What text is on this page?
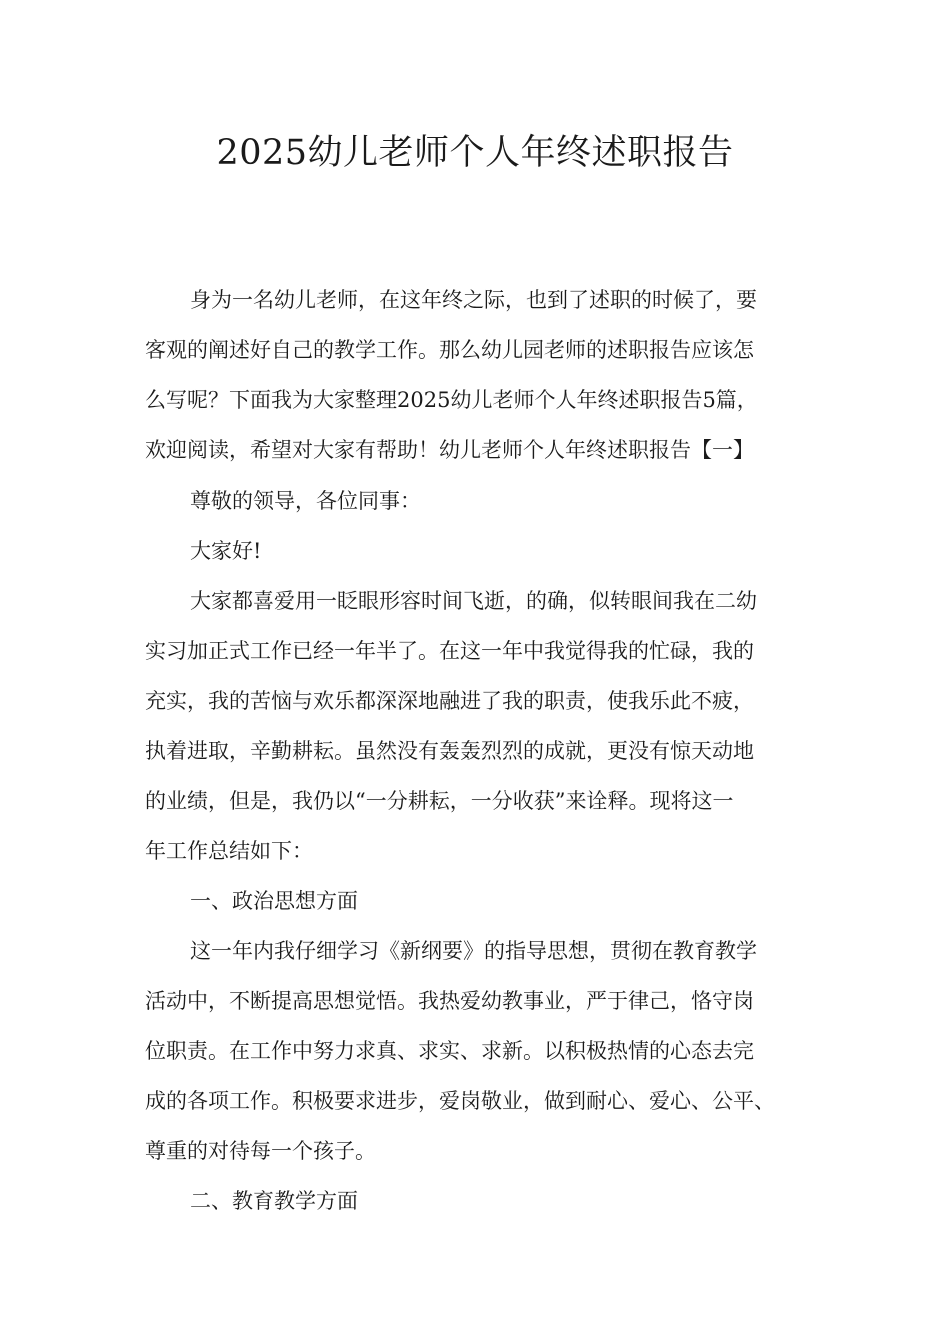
2025幼儿老师个人年终述职报告
身为一名幼儿老师，在这年终之际，也到了述职的时候了，要
客观的阐述好自己的教学工作。那么幼儿园老师的述职报告应该怎
么写呢？下面我为大家整理2025幼儿老师个人年终述职报告5篇，
欢迎阅读，希望对大家有帮助！幼儿老师个人年终述职报告【一】
尊敬的领导，各位同事：
大家好!
大家都喜爱用一眨眼形容时间飞逝，的确，似转眼间我在二幼
实习加正式工作已经一年半了。在这一年中我觉得我的忙碌，我的
充实，我的苦恼与欢乐都深深地融进了我的职责，使我乐此不疲，
执着进取，辛勤耕耘。虽然没有轰轰烈烈的成就，更没有惊天动地
的业绩，但是，我仍以“一分耕耘，一分收获”来诠释。现将这一
年工作总结如下：
一、政治思想方面
这一年内我仔细学习《新纲要》的指导思想，贯彻在教育教学
活动中，不断提高思想觉悟。我热爱幼教事业，严于律己，恪守岗
位职责。在工作中努力求真、求实、求新。以积极热情的心态去完
成的各项工作。积极要求进步，爱岗敬业，做到耐心、爱心、公平、
尊重的对待每一个孩子。
二、教育教学方面
